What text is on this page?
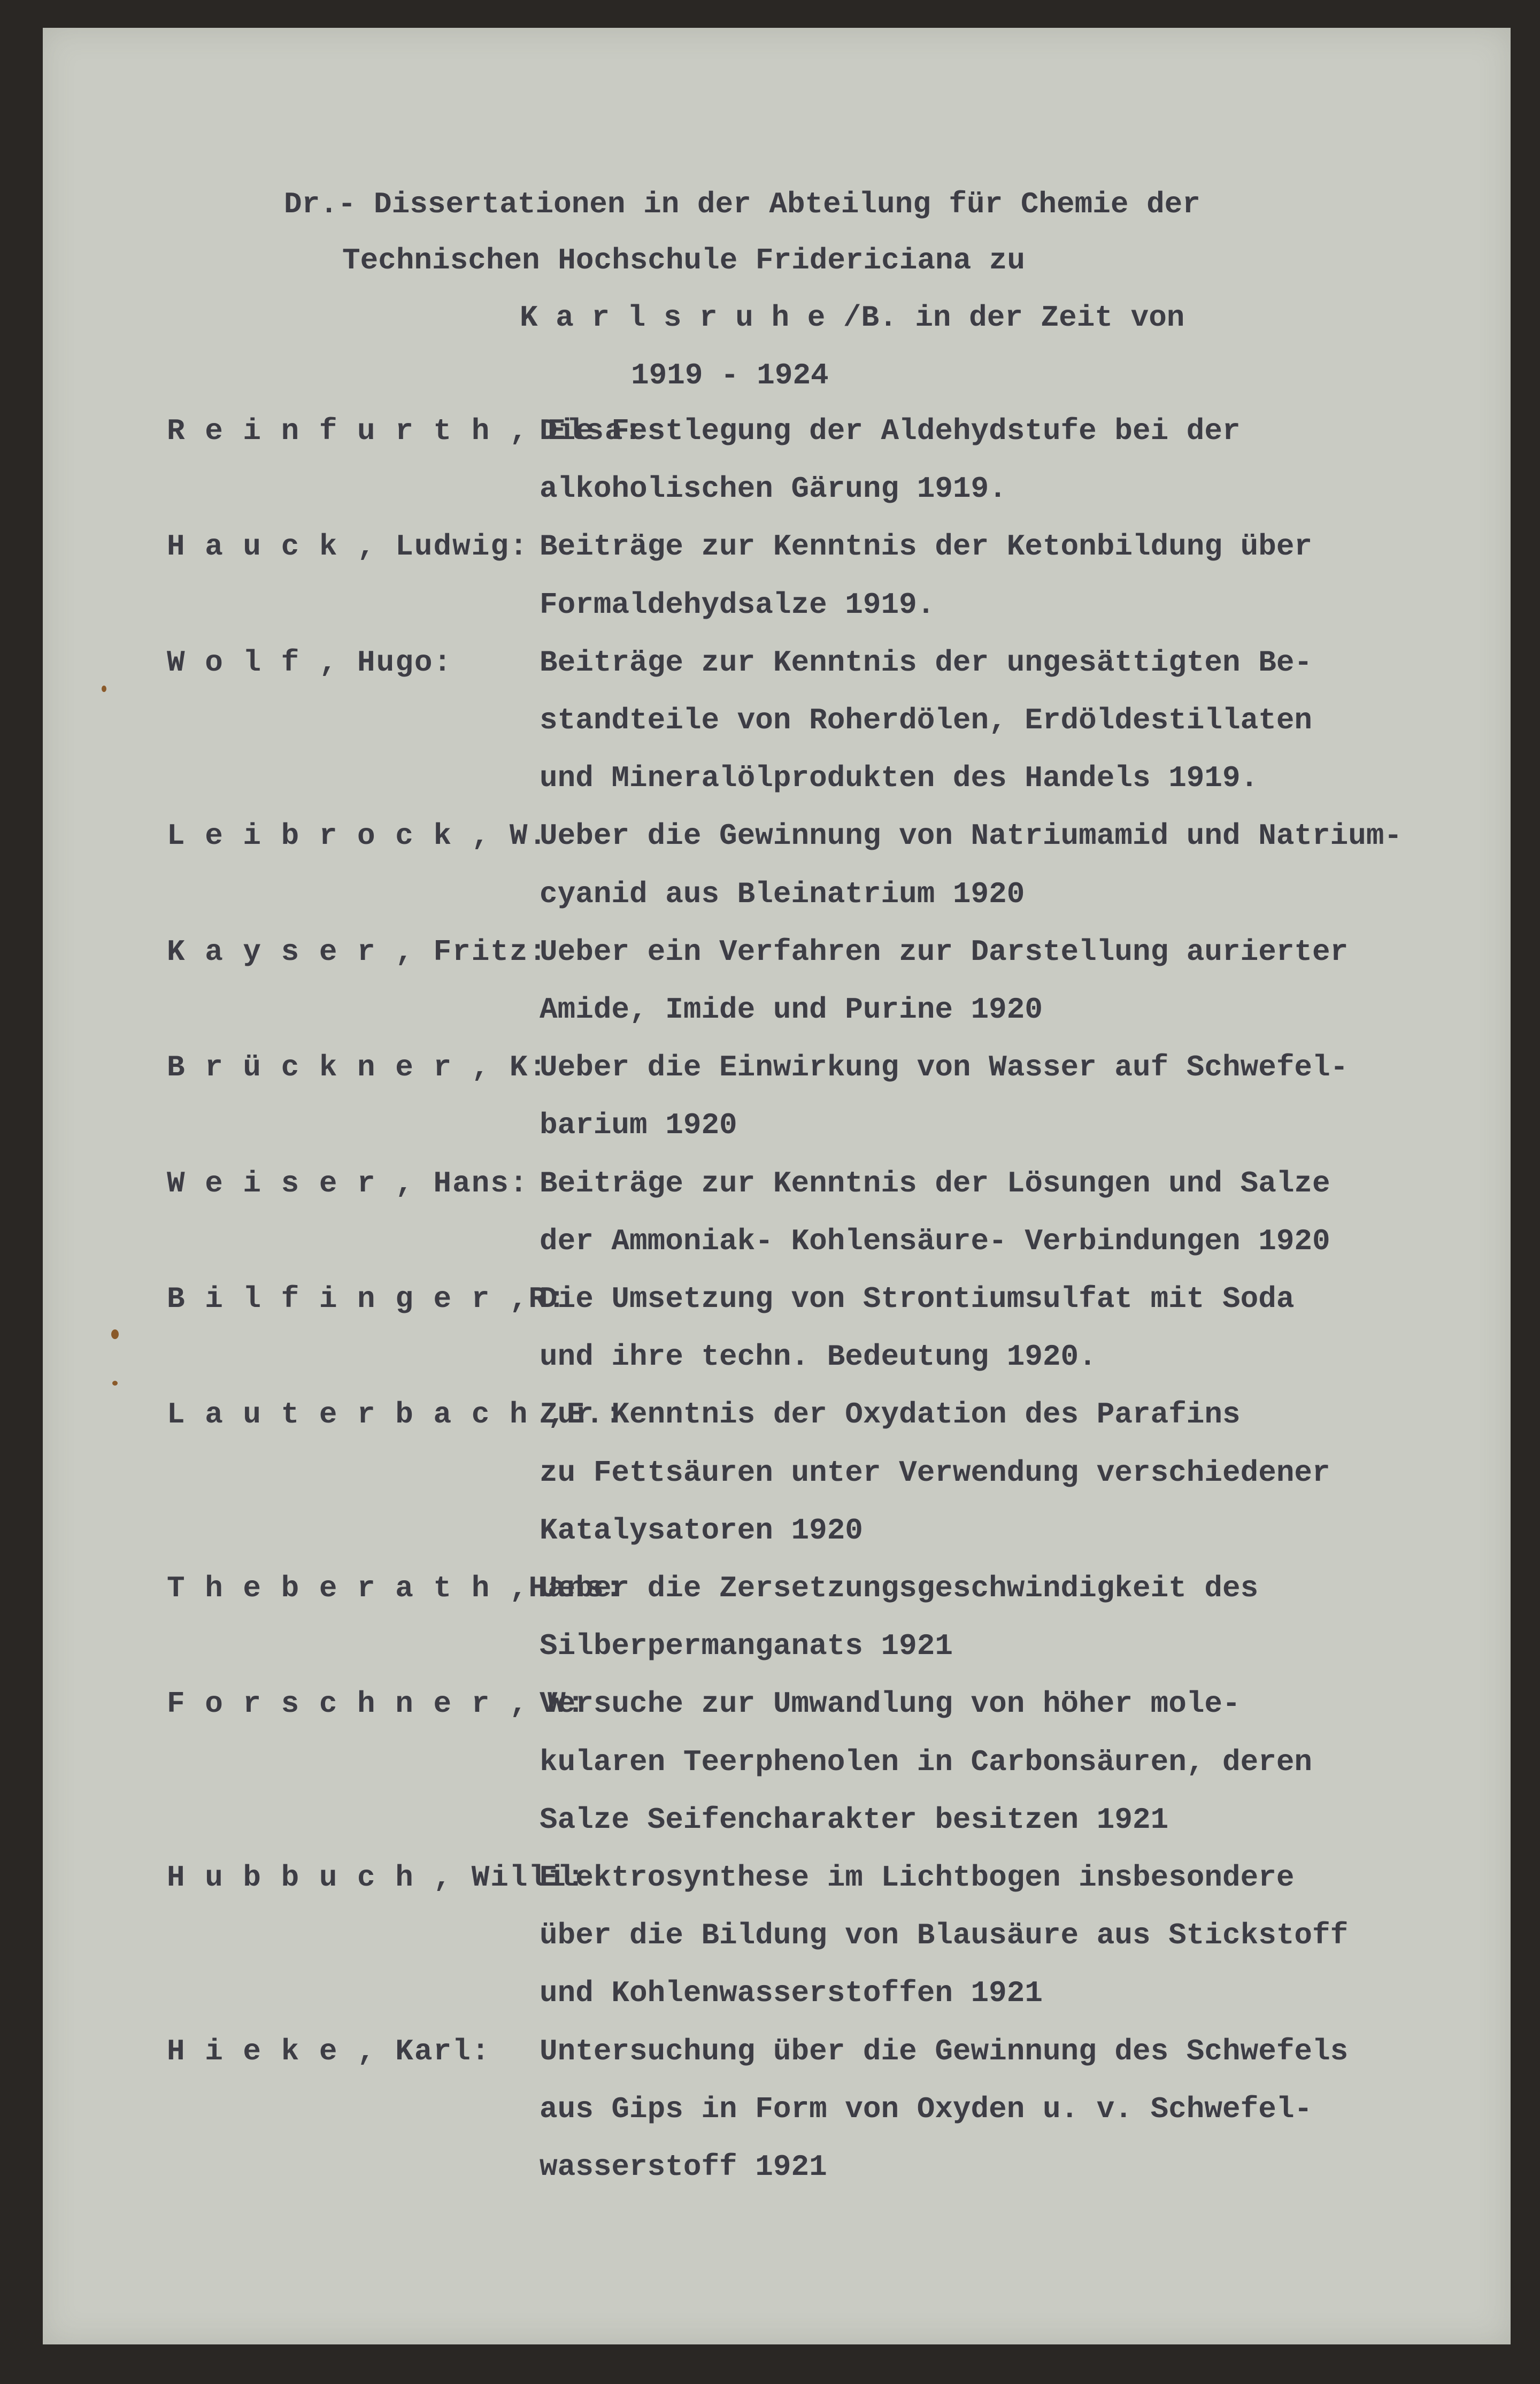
Dr.- Dissertationen in der Abteilung für Chemie der
Technischen Hochschule Fridericiana zu
K a r l s r u h e /B. in der Zeit von
1919 - 1924
R e i n f u r t h , Elsa:
Die Festlegung der Aldehydstufe bei der
alkoholischen Gärung 1919.
H a u c k , Ludwig: Beiträge zur Kenntnis der Ketonbildung über
Formaldehydsalze 1919.
W o l f , Hugo:	Beiträge zur Kenntnis der ungesättigten Be-
standteile von Roherdölen, Erdöldestillaten
und Mineralölprodukten des Handels 1919.
L e i b r o c k , W.
Ueber die Gewinnung von Natriumamid und Natrium-
cyanid aus Bleinatrium 1920
K a y s e r , Fritz:
Ueber ein Verfahren zur Darstellung aurierter
Amide, Imide und Purine 1920
B r ü c k n e r , K:
Ueber die Einwirkung von Wasser auf Schwefel-
barium 1920
W e i s e r , Hans: Beiträge zur Kenntnis der Lösungen und Salze
der Ammoniak- Kohlensäure- Verbindungen 1920
B i l f i n g e r ,R:
Die Umsetzung von Strontiumsulfat mit Soda
und ihre techn. Bedeutung 1920.
L a u t e r b a c h ,E.:
Zur Kenntnis der Oxydation des Parafins
zu Fettsäuren unter Verwendung verschiedener
Katalysatoren 1920
T h e b e r a t h ,Hans:
Ueber die Zersetzungsgeschwindigkeit des
Silberpermanganats 1921
F o r s c h n e r , W:
Versuche zur Umwandlung von höher mole-
kularen Teerphenolen in Carbonsäuren, deren
Salze Seifencharakter besitzen 1921
H u b b u c h , Willi:
Elektrosynthese im Lichtbogen insbesondere
über die Bildung von Blausäure aus Stickstoff
und Kohlenwasserstoffen 1921
H i e k e , Karl: Untersuchung über die Gewinnung des Schwefels
aus Gips in Form von Oxyden u. v. Schwefel-
wasserstoff 1921
